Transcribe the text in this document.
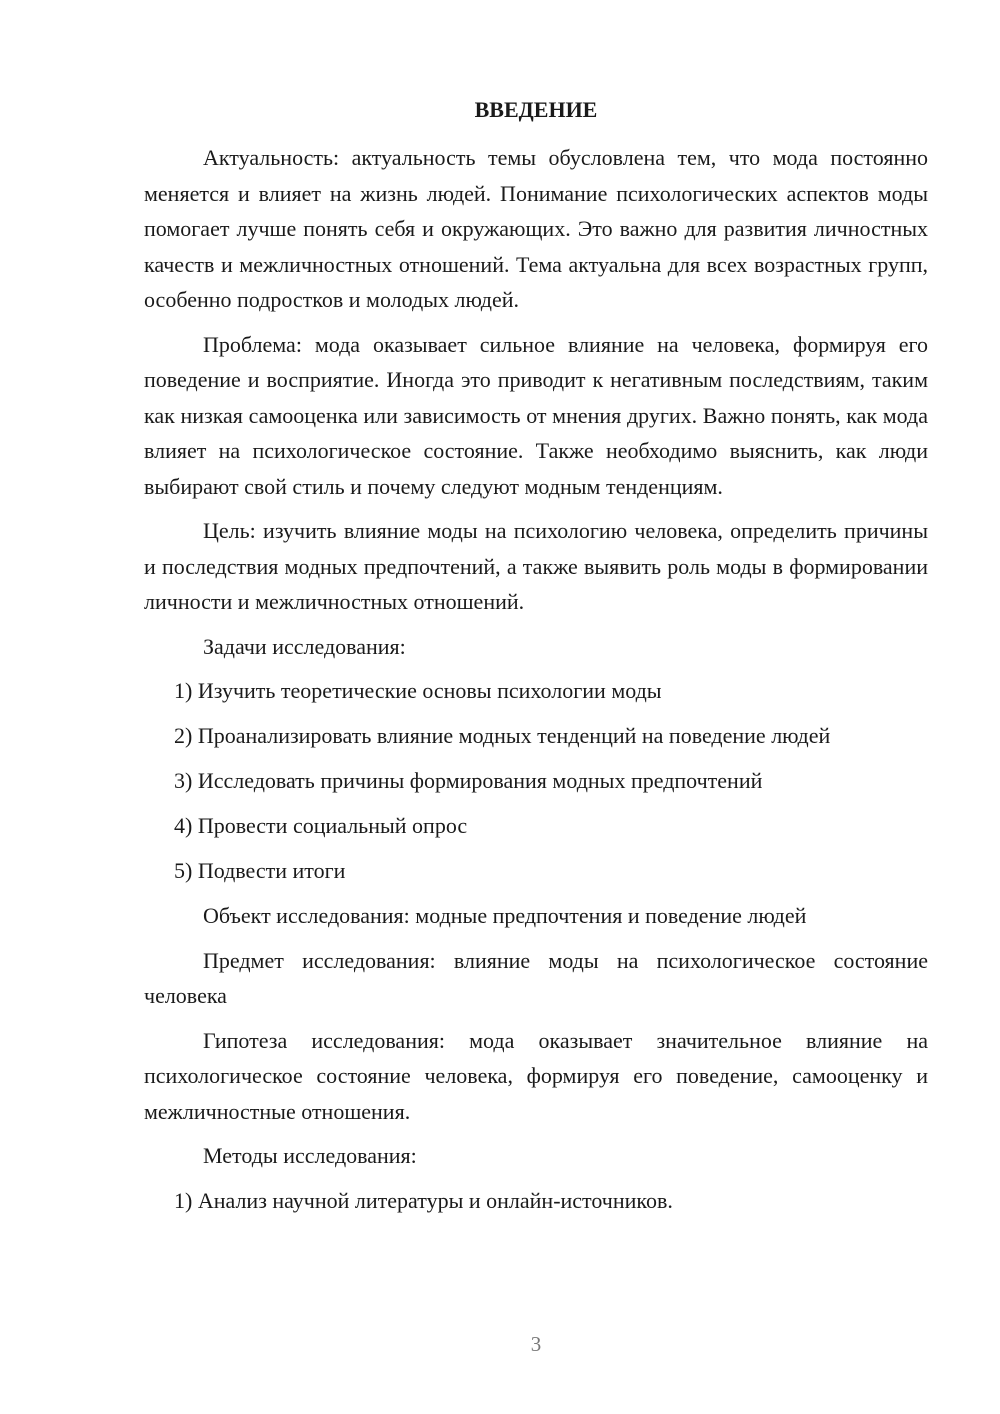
ВВЕДЕНИЕ

Актуальность: актуальность темы обусловлена тем, что мода постоянно меняется и влияет на жизнь людей. Понимание психологических аспектов моды помогает лучше понять себя и окружающих. Это важно для развития личностных качеств и межличностных отношений. Тема актуальна для всех возрастных групп, особенно подростков и молодых людей.

Проблема: мода оказывает сильное влияние на человека, формируя его поведение и восприятие. Иногда это приводит к негативным последствиям, таким как низкая самооценка или зависимость от мнения других. Важно понять, как мода влияет на психологическое состояние. Также необходимо выяснить, как люди выбирают свой стиль и почему следуют модным тенденциям.

Цель: изучить влияние моды на психологию человека, определить причины и последствия модных предпочтений, а также выявить роль моды в формировании личности и межличностных отношений.

Задачи исследования:

1) Изучить теоретические основы психологии моды

2) Проанализировать влияние модных тенденций на поведение людей

3) Исследовать причины формирования модных предпочтений

4) Провести социальный опрос

5) Подвести итоги

Объект исследования: модные предпочтения и поведение людей

Предмет исследования: влияние моды на психологическое состояние человека

Гипотеза исследования: мода оказывает значительное влияние на психологическое состояние человека, формируя его поведение, самооценку и межличностные отношения.

Методы исследования:

1) Анализ научной литературы и онлайн-источников.

3
